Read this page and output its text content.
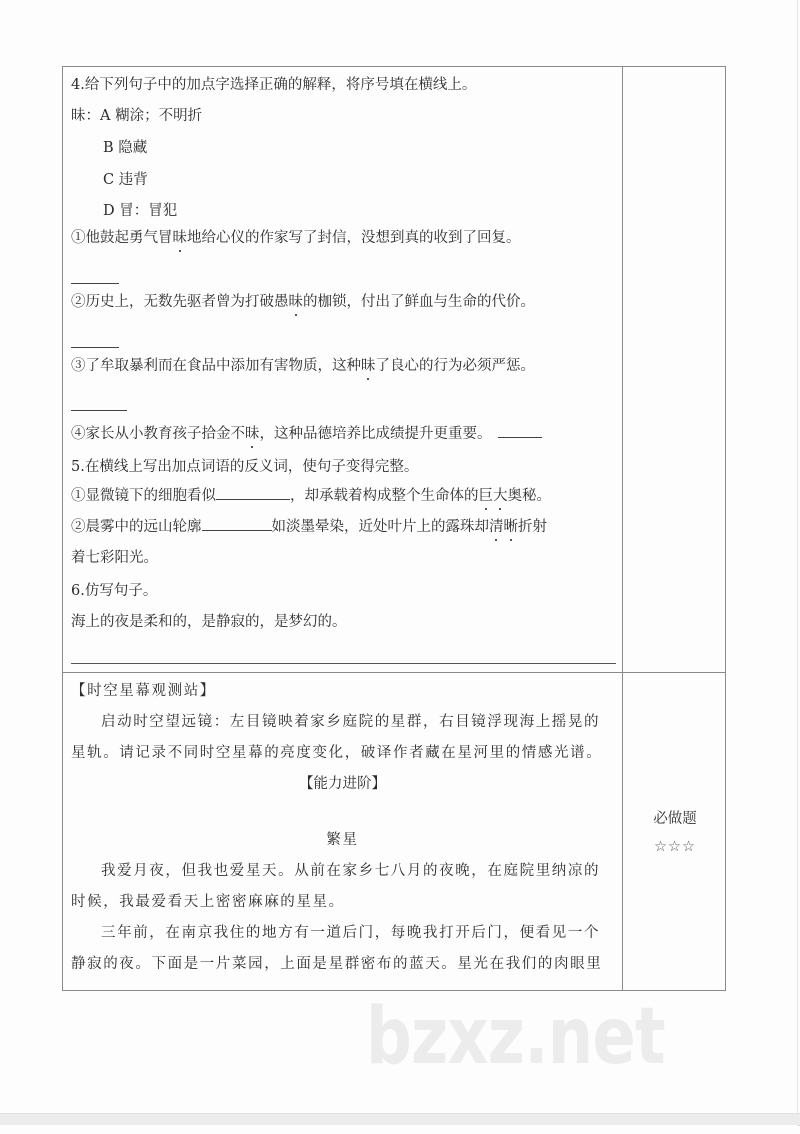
4.给下列句子中的加点字选择正确的解释，将序号填在横线上。
昧：A 糊涂；不明折
B 隐藏
C 违背
D 冒：冒犯
①他鼓起勇气冒昧地给心仪的作家写了封信，没想到真的收到了回复。
②历史上，无数先驱者曾为打破愚昧的枷锁，付出了鲜血与生命的代价。
③了牟取暴利而在食品中添加有害物质，这种昧了良心的行为必须严惩。
④家长从小教育孩子拾金不昧，这种品德培养比成绩提升更重要。
5.在横线上写出加点词语的反义词，使句子变得完整。
①显微镜下的细胞看似	，却承载着构成整个生命体的巨大奥秘。
②晨雾中的远山轮廓	如淡墨晕染，近处叶片上的露珠却清晰折射
着七彩阳光。
6.仿写句子。
海上的夜是柔和的，是静寂的，是梦幻的。
【时空星幕观测站】
启动时空望远镜：左目镜映着家乡庭院的星群，右目镜浮现海上摇晃的
星轨。请记录不同时空星幕的亮度变化，破译作者藏在星河里的情感光谱。
【能力进阶】
繁星
我爱月夜，但我也爱星天。从前在家乡七八月的夜晚，在庭院里纳凉的
时候，我最爱看天上密密麻麻的星星。
三年前，在南京我住的地方有一道后门，每晚我打开后门，便看见一个
静寂的夜。下面是一片菜园，上面是星群密布的蓝天。星光在我们的肉眼里
必做题
☆☆☆
bzxz.net
